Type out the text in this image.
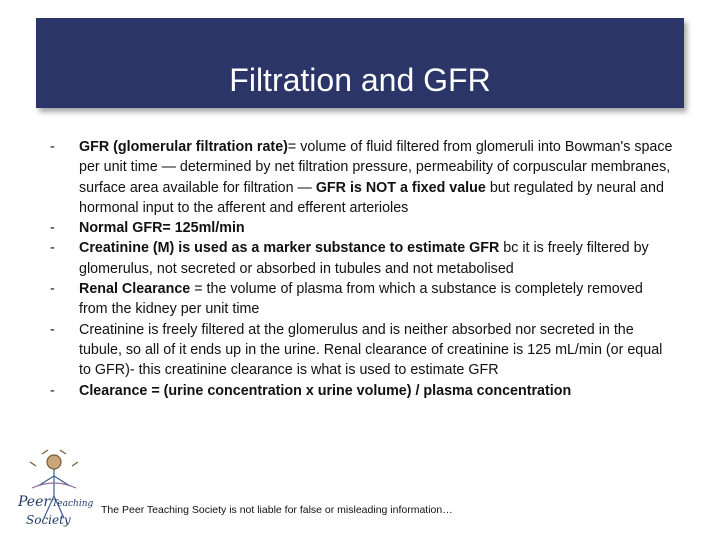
Filtration and GFR
- GFR (glomerular filtration rate)= volume of fluid filtered from glomeruli into Bowman's space per unit time — determined by net filtration pressure, permeability of corpuscular membranes, surface area available for filtration — GFR is NOT a fixed value but regulated by neural and hormonal input to the afferent and efferent arterioles
- Normal GFR= 125ml/min
- Creatinine (M) is used as a marker substance to estimate GFR bc it is freely filtered by glomerulus, not secreted or absorbed in tubules and not metabolised
- Renal Clearance = the volume of plasma from which a substance is completely removed from the kidney per unit time
- Creatinine is freely filtered at the glomerulus and is neither absorbed nor secreted in the tubule, so all of it ends up in the urine. Renal clearance of creatinine is 125 mL/min (or equal to GFR)- this creatinine clearance is what is used to estimate GFR
- Clearance = (urine concentration x urine volume) / plasma concentration
Peer Teaching
Society
The Peer Teaching Society is not liable for false or misleading information…
